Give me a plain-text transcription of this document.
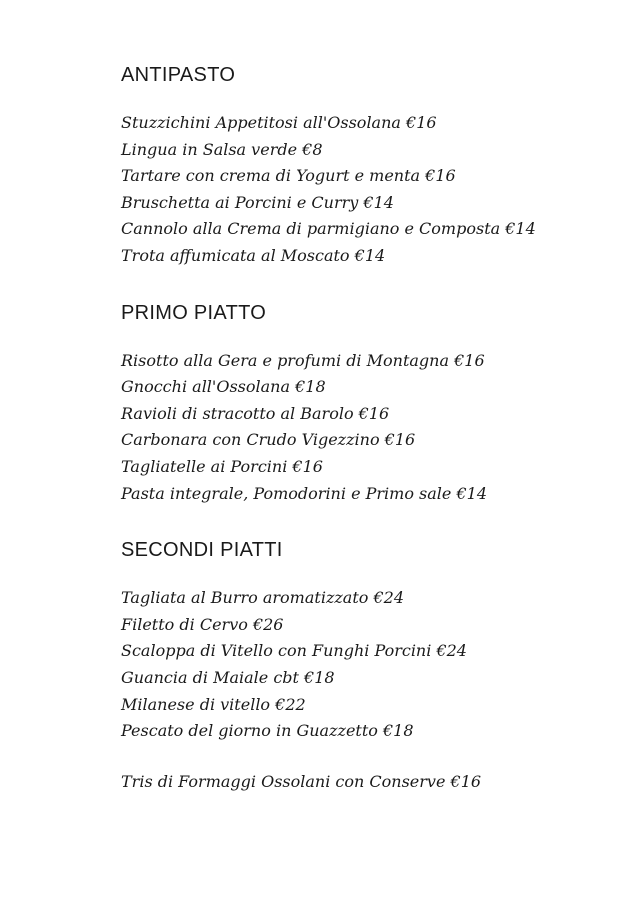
ANTIPASTO
Stuzzichini Appetitosi all'Ossolana €16
Lingua in Salsa verde €8
Tartare con crema di Yogurt e menta €16
Bruschetta ai Porcini e Curry €14
Cannolo alla Crema di parmigiano e Composta €14
Trota affumicata al Moscato €14
PRIMO PIATTO
Risotto alla Gera e profumi di Montagna €16
Gnocchi all'Ossolana €18
Ravioli di stracotto al Barolo €16
Carbonara con Crudo Vigezzino €16
Tagliatelle ai Porcini €16
Pasta integrale, Pomodorini e Primo sale €14
SECONDI PIATTI
Tagliata al Burro aromatizzato €24
Filetto di Cervo €26
Scaloppa di Vitello con Funghi Porcini €24
Guancia di Maiale cbt €18
Milanese di vitello €22
Pescato del giorno in Guazzetto €18
Tris di Formaggi Ossolani con Conserve €16
